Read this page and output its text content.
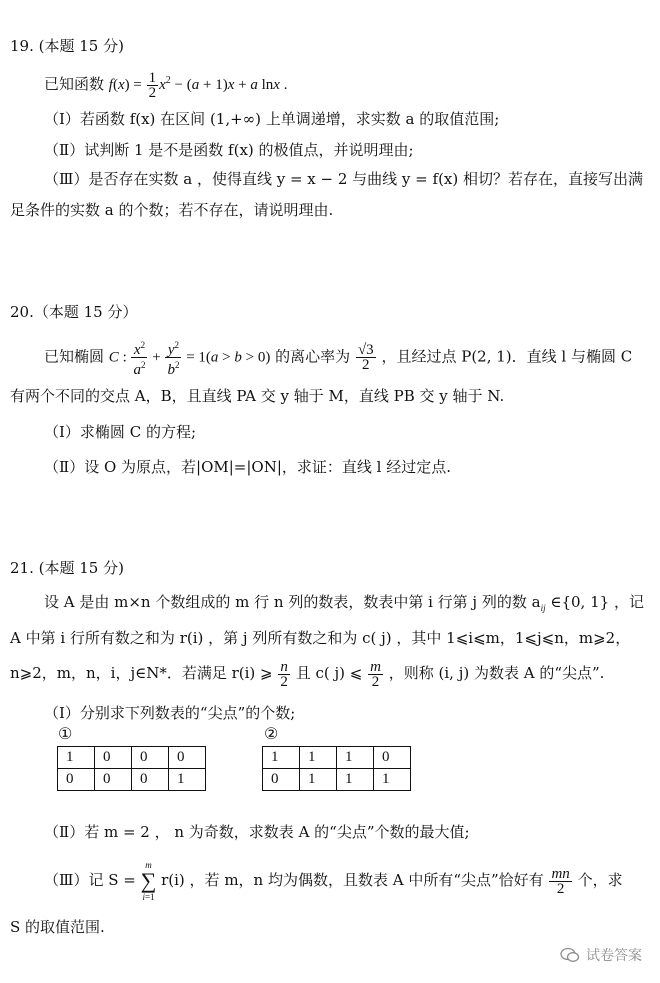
19. (本题 15 分)
已知函数 $f(x) = \frac{1}{2} x^2 - (a + 1)x + a$ lnx .
（Ⅰ）若函数 f(x) 在区间 (1,+∞) 上单调递增，求实数 a 的取值范围;
（Ⅱ）试判断 1 是不是函数 f(x) 的极值点，并说明理由;
（Ⅲ）是否存在实数 a ，使得直线 y = x − 2 与曲线 y = f(x) 相切？若存在，直接写出满
足条件的实数 a 的个数；若不存在，请说明理由.
20.（本题 15 分）
已知椭圆 C : $\frac{x^2}{a^2} + \frac{y^2}{b^2} = 1(a > b > 0)$ 的离心率为 $\frac{√3}{2}$ ，且经过点 P(2, 1)．直线 l 与椭圆 C
有两个不同的交点 A，B，且直线 PA 交 y 轴于 M，直线 PB 交 y 轴于 N.
（Ⅰ）求椭圆 C 的方程;
（Ⅱ）设 O 为原点，若|OM|=|ON|，求证：直线 l 经过定点.
21. (本题 15 分)
设 A 是由 m×n 个数组成的 m 行 n 列的数表，数表中第 i 行第 j 列的数 $a_{ij}$ ∈{0, 1} ，记
A 中第 i 行所有数之和为 r(i) ，第 j 列所有数之和为 c( j) ，其中 1⩽i⩽m，1⩽j⩽n，m⩾2，
n⩾2，m，n，i，j∈N*．若满足 r(i) ⩾ $\frac{n}{2}$ 且 c( j) ⩽ $\frac{m}{2}$ ，则称 (i, j) 为数表 A 的“尖点”.
（Ⅰ）分别求下列数表的“尖点”的个数;
①	②
1	0	0	0
0	0	0	1
1	1	1	0
0	1	1	1
（Ⅱ）若 m = 2 ， n 为奇数，求数表 A 的“尖点”个数的最大值;
（Ⅲ）记 S =
m
∑
i=1
r(i) ，若 m，n 均为偶数，且数表 A 中所有“尖点”恰好有 $\frac{mn}{2}$ 个，求
S 的取值范围.
试卷答案
